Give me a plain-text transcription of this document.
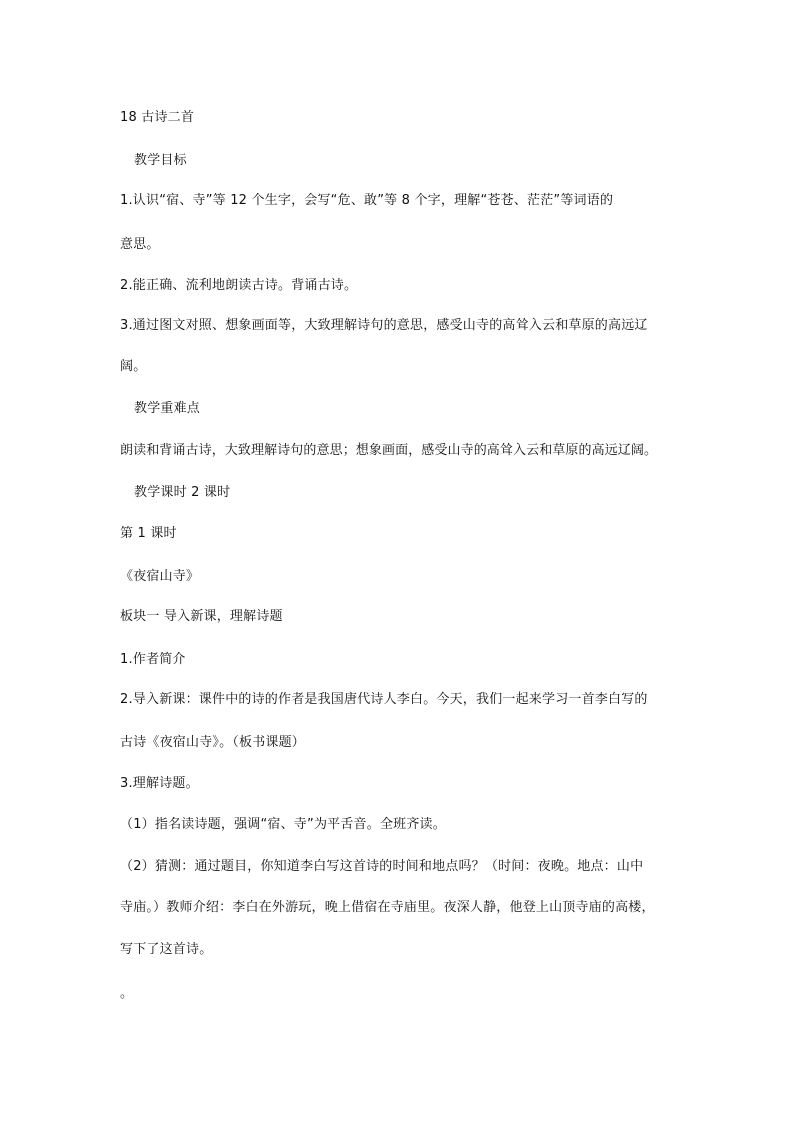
18 古诗二首
教学目标
1.认识“宿、寺”等 12 个生字，会写“危、敢”等 8 个字，理解“苍苍、茫茫”等词语的
意思。
2.能正确、流利地朗读古诗。背诵古诗。
3.通过图文对照、想象画面等，大致理解诗句的意思，感受山寺的高耸入云和草原的高远辽
阔。
教学重难点
朗读和背诵古诗，大致理解诗句的意思；想象画面，感受山寺的高耸入云和草原的高远辽阔。
教学课时 2 课时
第 1 课时
《夜宿山寺》
板块一 导入新课，理解诗题
1.作者简介
2.导入新课：课件中的诗的作者是我国唐代诗人李白。今天，我们一起来学习一首李白写的
古诗《夜宿山寺》。（板书课题）
3.理解诗题。
（1）指名读诗题，强调“宿、寺”为平舌音。全班齐读。
（2）猜测：通过题目，你知道李白写这首诗的时间和地点吗？（时间：夜晚。地点：山中
寺庙。）教师介绍：李白在外游玩，晚上借宿在寺庙里。夜深人静，他登上山顶寺庙的高楼，
写下了这首诗。
。
